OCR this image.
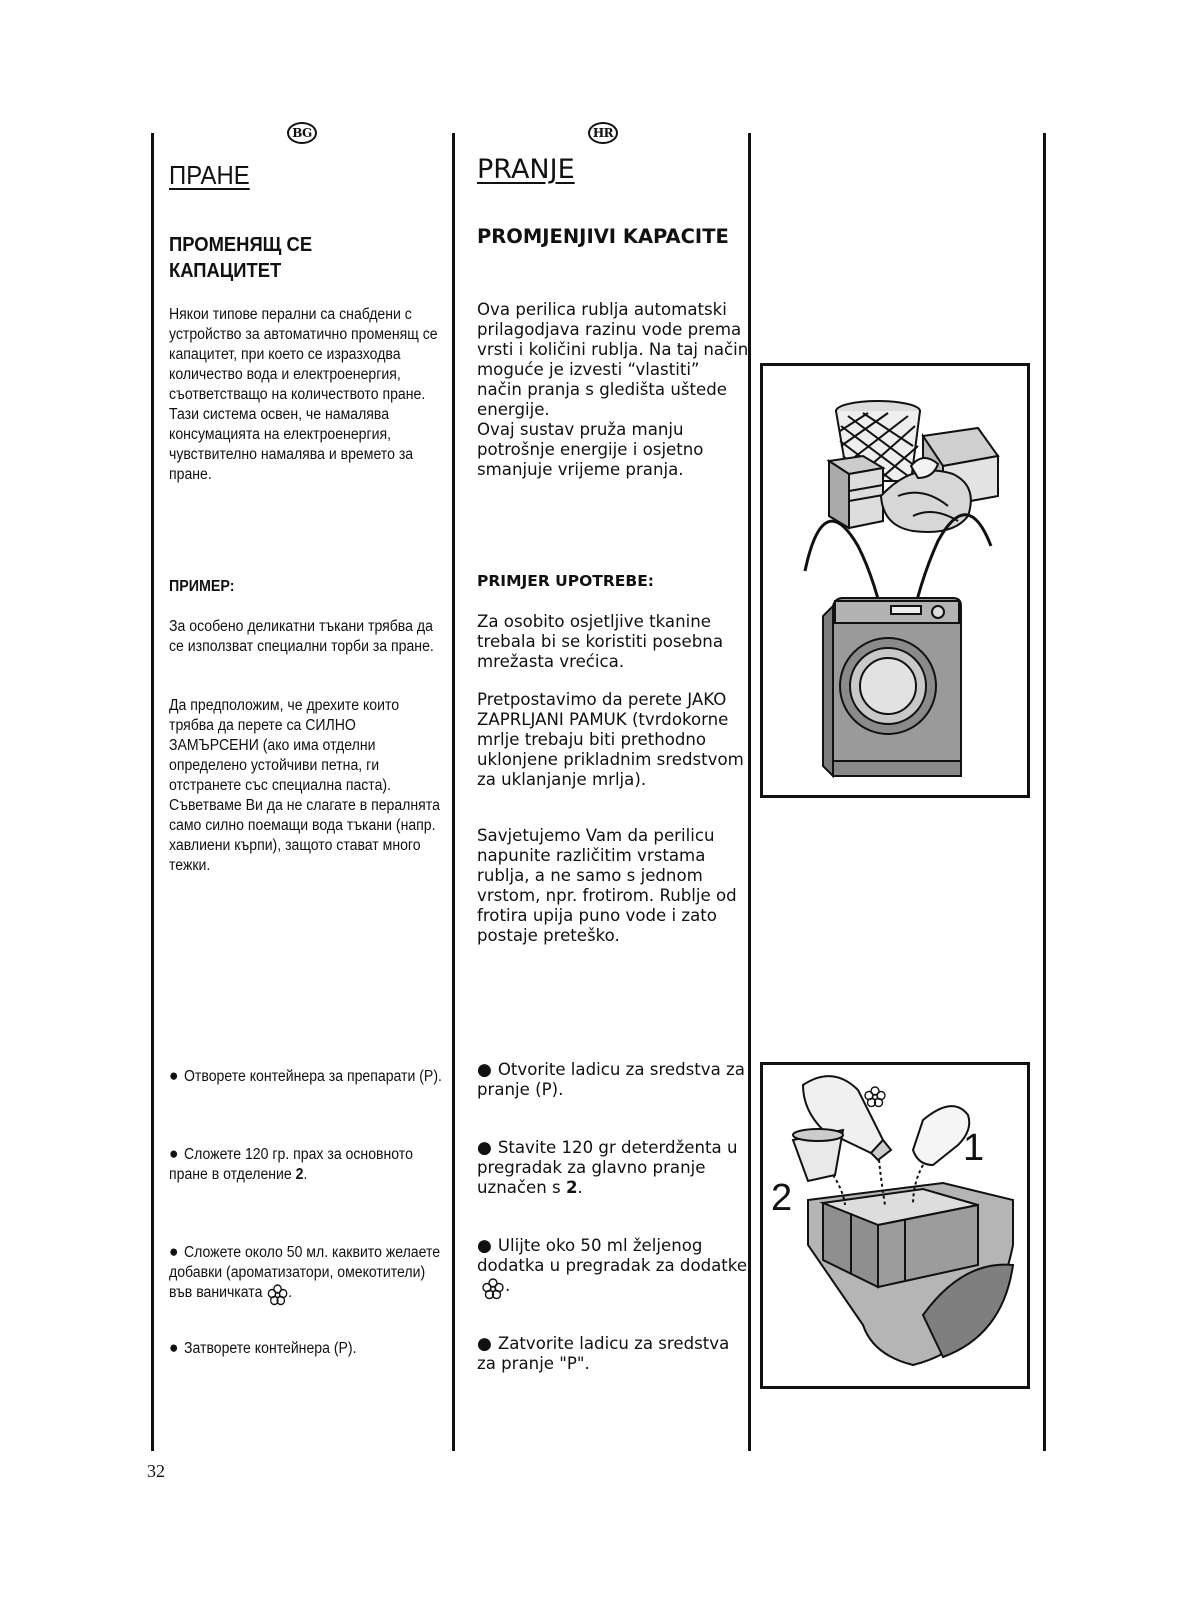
BG	HR
ПРАНЕ
ПРОМЕНЯЩ СЕ КАПАЦИТЕТ

Някои типове перални са снабдени с устройство за автоматично променящ се капацитет, при което се изразходва количество вода и електроенергия, съответстващо на количеството пране. Тази система освен, че намалява консумацията на електроенергия, чувствително намалява и времето за пране.

ПРИМЕР:

За особено деликатни тъкани трябва да се използват специални торби за пране.

Да предположим, че дрехите които трябва да перете са СИЛНО ЗАМЪРСЕНИ (ако има отделни определено устойчиви петна, ги отстранете със специална паста). Съветваме Ви да не слагате в пералнята само силно поемащи вода тъкани (напр. хавлиени кърпи), защото стават много тежки.

● Отворете контейнера за препарати (P).

● Сложете 120 гр. прах за основното пране в отделение 2.

● Сложете около 50 мл. каквито желаете добавки (ароматизатори, омекотители) във ваничката .

● Затворете контейнера (P).

PRANJE
PROMJENJIVI KAPACITE

Ova perilica rublja automatski prilagodjava razinu vode prema vrsti i količini rublja. Na taj način moguće je izvesti “vlastiti” način pranja s gledišta uštede energije.

Ovaj sustav pruža manju potrošnje energije i osjetno smanjuje vrijeme pranja.

PRIMJER UPOTREBE:

Za osobito osjetljive tkanine trebala bi se koristiti posebna mrežasta vrećica.

Pretpostavimo da perete JAKO ZAPRLJANI PAMUK (tvrdokorne mrlje trebaju biti prethodno uklonjene prikladnim sredstvom za uklanjanje mrlja).

Savjetujemo Vam da perilicu napunite različitim vrstama rublja, a ne samo s jednom vrstom, npr. frotirom. Rublje od frotira upija puno vode i zato postaje preteško.

● Otvorite ladicu za sredstva za pranje (P).

● Stavite 120 gr deterdženta u pregradak za glavno pranje uznačen s 2.

● Ulijte oko 50 ml željenog dodatka u pregradak za dodatke.

● Zatvorite ladicu za sredstva za pranje "P".

1
2
32
